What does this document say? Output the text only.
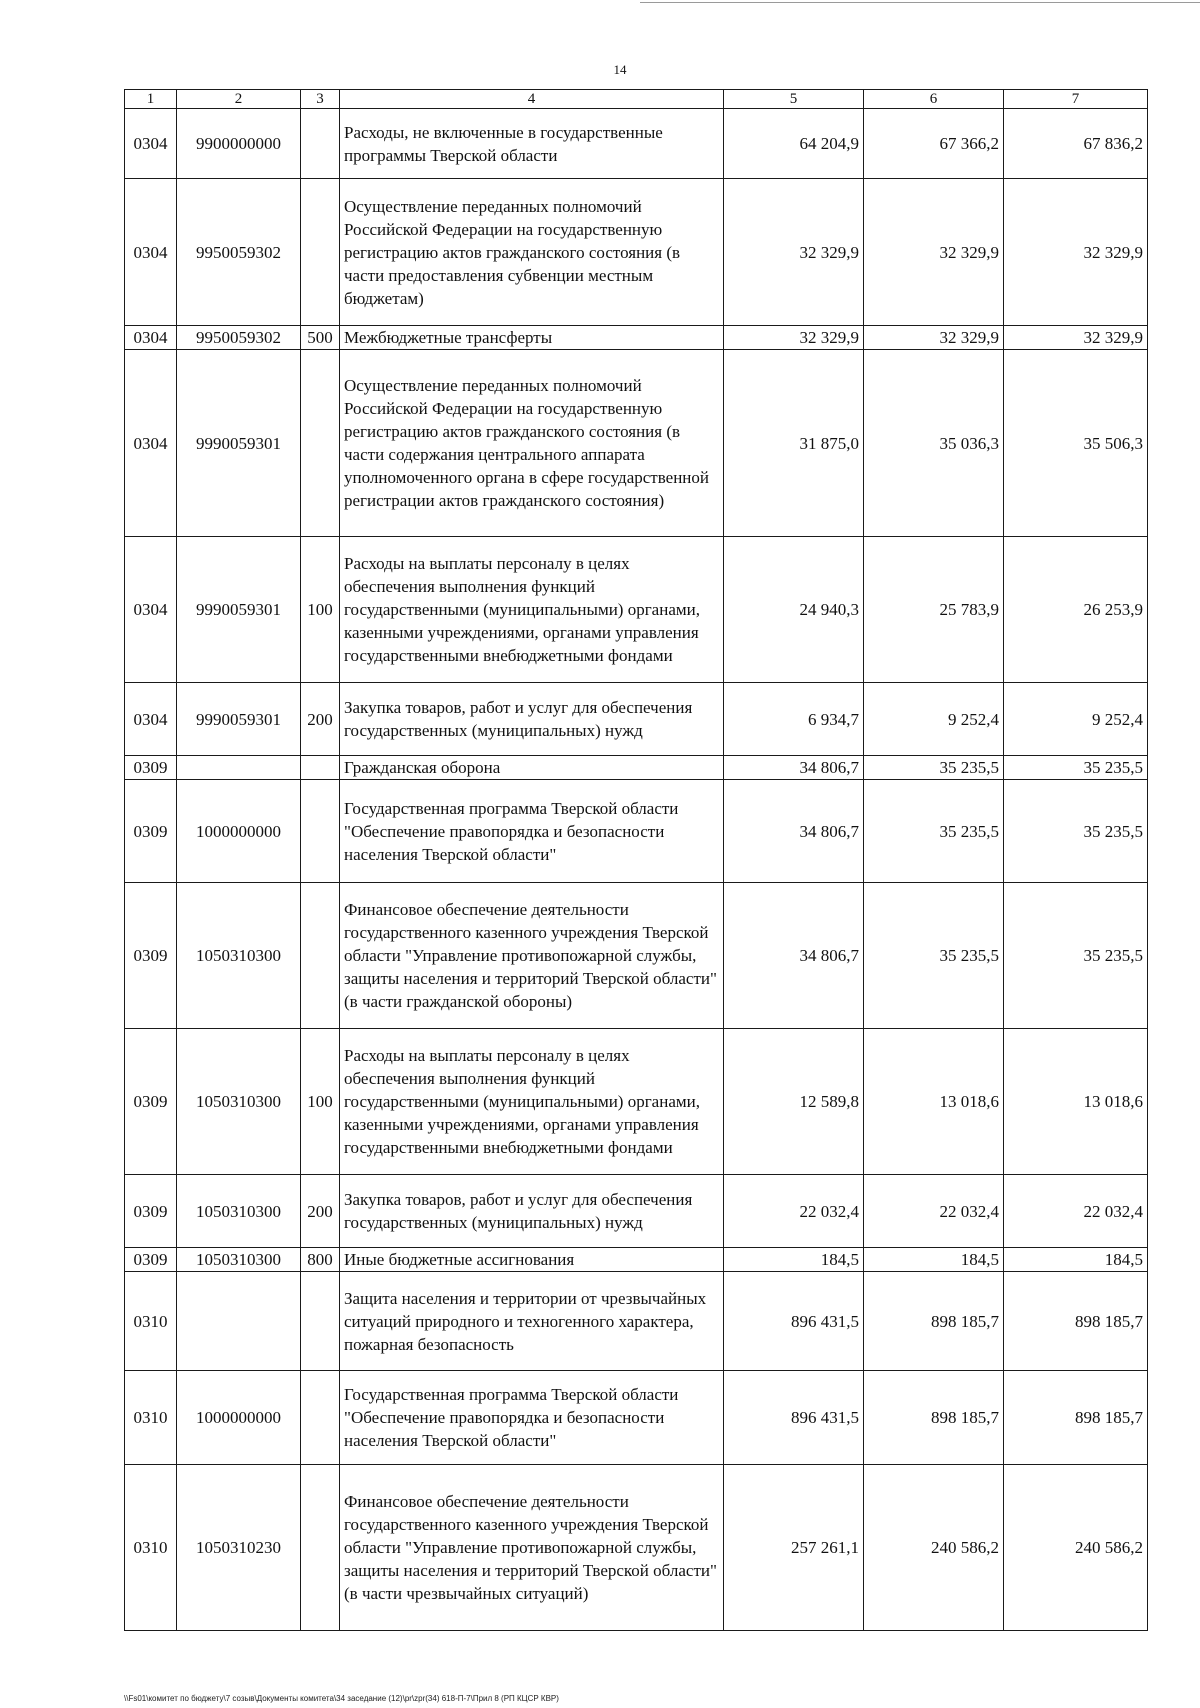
14
1	2	3	4	5	6	7
0304	9900000000		Расходы, не включенные в государственные программы Тверской области	64 204,9	67 366,2	67 836,2
0304	9950059302		Осуществление переданных полномочий Российской Федерации на государственную регистрацию актов гражданского состояния (в части предоставления субвенции местным бюджетам)	32 329,9	32 329,9	32 329,9
0304	9950059302	500	Межбюджетные трансферты	32 329,9	32 329,9	32 329,9
0304	9990059301		Осуществление переданных полномочий Российской Федерации на государственную регистрацию актов гражданского состояния (в части содержания центрального аппарата уполномоченного органа в сфере государственной регистрации актов гражданского состояния)	31 875,0	35 036,3	35 506,3
0304	9990059301	100	Расходы на выплаты персоналу в целях обеспечения выполнения функций государственными (муниципальными) органами, казенными учреждениями, органами управления государственными внебюджетными фондами	24 940,3	25 783,9	26 253,9
0304	9990059301	200	Закупка товаров, работ и услуг для обеспечения государственных (муниципальных) нужд	6 934,7	9 252,4	9 252,4
0309			Гражданская оборона	34 806,7	35 235,5	35 235,5
0309	1000000000		Государственная программа Тверской области "Обеспечение правопорядка и безопасности населения Тверской области"	34 806,7	35 235,5	35 235,5
0309	1050310300		Финансовое обеспечение деятельности государственного казенного учреждения Тверской области "Управление противопожарной службы, защиты населения и территорий Тверской области" (в части гражданской обороны)	34 806,7	35 235,5	35 235,5
0309	1050310300	100	Расходы на выплаты персоналу в целях обеспечения выполнения функций государственными (муниципальными) органами, казенными учреждениями, органами управления государственными внебюджетными фондами	12 589,8	13 018,6	13 018,6
0309	1050310300	200	Закупка товаров, работ и услуг для обеспечения государственных (муниципальных) нужд	22 032,4	22 032,4	22 032,4
0309	1050310300	800	Иные бюджетные ассигнования	184,5	184,5	184,5
0310			Защита населения и территории от чрезвычайных ситуаций природного и техногенного характера, пожарная безопасность	896 431,5	898 185,7	898 185,7
0310	1000000000		Государственная программа Тверской области "Обеспечение правопорядка и безопасности населения Тверской области"	896 431,5	898 185,7	898 185,7
0310	1050310230		Финансовое обеспечение деятельности государственного казенного учреждения Тверской области "Управление противопожарной службы, защиты населения и территорий Тверской области" (в части чрезвычайных ситуаций)	257 261,1	240 586,2	240 586,2
\\Fs01\комитет по бюджету\7 созыв\Документы комитета\34 заседание (12)\pr\zpr(34) 618-П-7\Прил 8 (РП КЦСР КВР)
